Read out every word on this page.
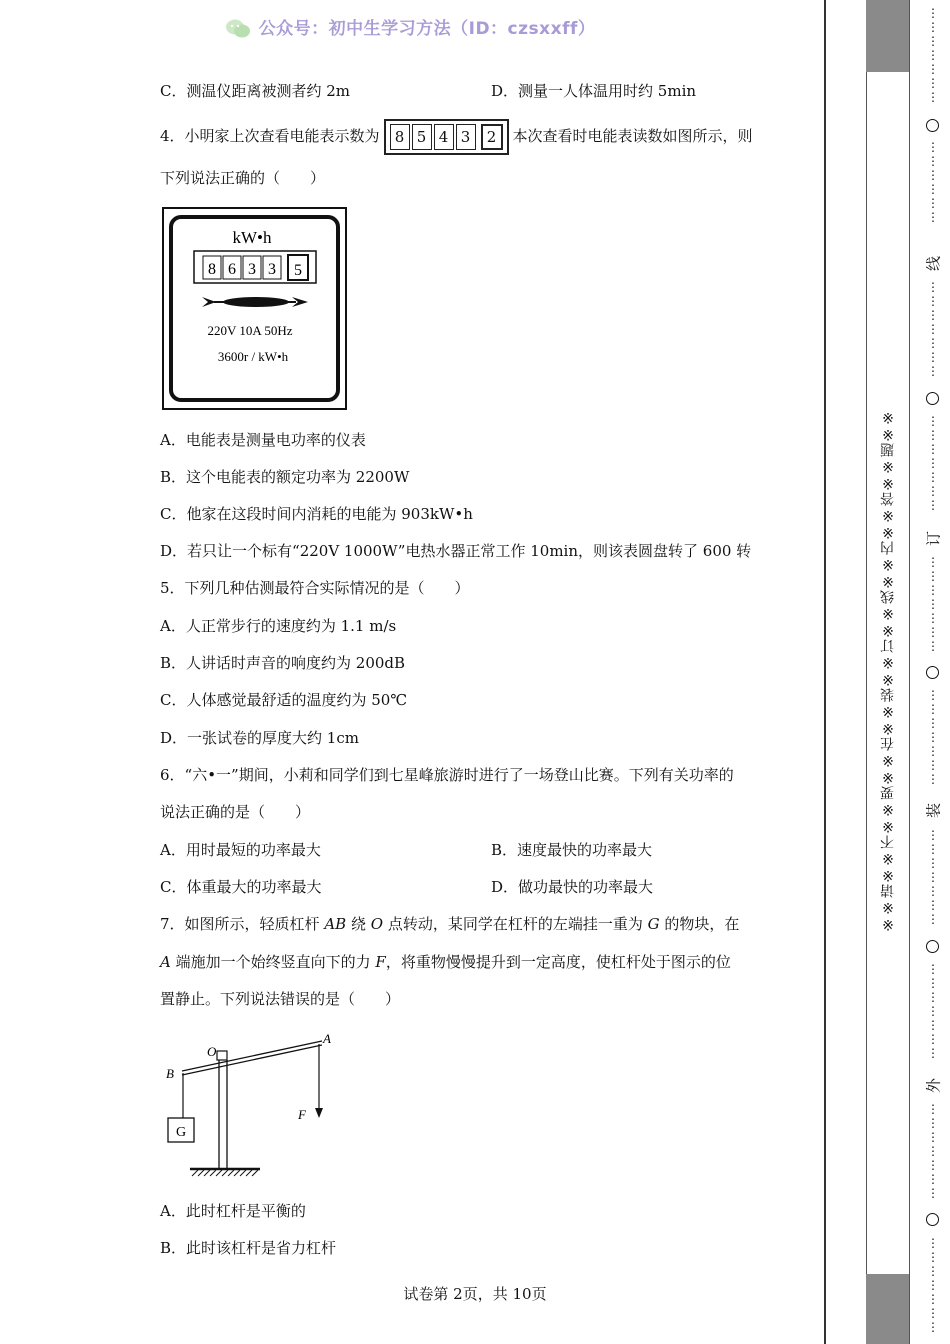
公众号：初中生学习方法（ID：czsxxff）
C．测温仪距离被测者约 2m	D．测量一人体温用时约 5min
4．小明家上次查看电能表示数为	8 5 4 3	2	本次查看时电能表读数如图所示，则
下列说法正确的（　　）
kW•h
8 6 3 3 5
220V 10A 50Hz
3600r / kW•h
A．电能表是测量电功率的仪表
B．这个电能表的额定功率为 2200W
C．他家在这段时间内消耗的电能为 903kW•h
D．若只让一个标有“220V 1000W”电热水器正常工作 10min，则该表圆盘转了 600 转
5．下列几种估测最符合实际情况的是（　　）
A．人正常步行的速度约为 1.1 m/s
B．人讲话时声音的响度约为 200dB
C．人体感觉最舒适的温度约为 50℃
D．一张试卷的厚度大约 1cm
6．“六•一”期间，小莉和同学们到七星峰旅游时进行了一场登山比赛。下列有关功率的
说法正确的是（　　）
A．用时最短的功率最大	B．速度最快的功率最大
C．体重最大的功率最大	D．做功最快的功率最大
7．如图所示，轻质杠杆 AB 绕 O 点转动，某同学在杠杆的左端挂一重为 G 的物块，在
A 端施加一个始终竖直向下的力 F，将重物慢慢提升到一定高度，使杠杆处于图示的位
置静止。下列说法错误的是（　　）
G
O
A
B
F
A．此时杠杆是平衡的
B．此时该杠杆是省力杠杆
试卷第 2页，共 10页
※※请※※不※※要※※在※※装※※订※※线※※内※※答※※题※※
⋮
⋮
⋮
⋮
⋮
⋮
⋮
⋮
⋮
⋮
⋮
⋮
⋮
线
⋮
⋮
⋮
⋮
⋮
⋮
⋮
⋮
⋮
⋮
⋮
⋮
⋮
⋮
订
⋮
⋮
⋮
⋮
⋮
⋮
⋮
⋮
⋮
⋮
⋮
⋮
⋮
⋮
装
⋮
⋮
⋮
⋮
⋮
⋮
⋮
⋮
⋮
⋮
⋮
⋮
⋮
⋮
外
⋮
⋮
⋮
⋮
⋮
⋮
⋮
⋮
⋮
⋮
⋮
⋮
⋮
⋮
